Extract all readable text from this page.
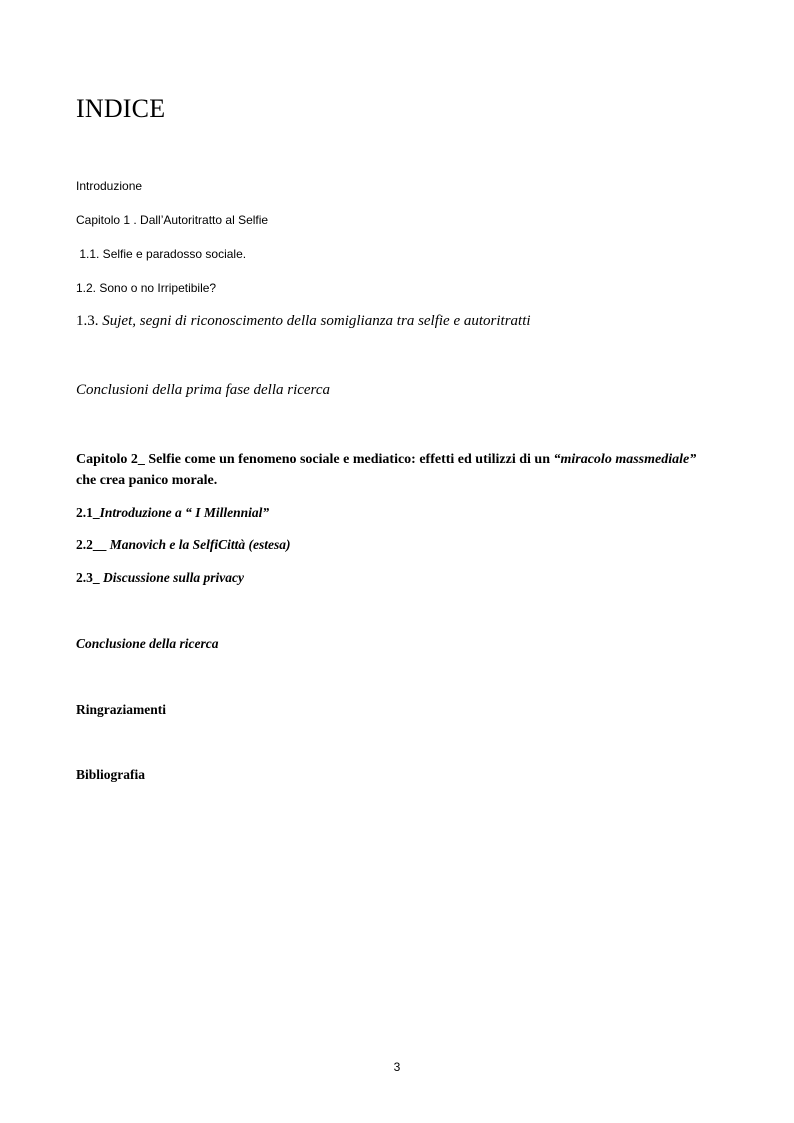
INDICE
Introduzione
Capitolo 1 . Dall’Autoritratto al Selfie
1.1. Selfie e paradosso sociale.
1.2. Sono o no Irripetibile?
1.3. Sujet, segni di riconoscimento della somiglianza tra selfie e autoritratti
Conclusioni della prima fase della ricerca
Capitolo 2_ Selfie come un fenomeno sociale e mediatico: effetti ed utilizzi di un “miracolo massmediale” che crea panico morale.
2.1_Introduzione a “ I Millennial”
2.2__ Manovich e la SelfiCittà (estesa)
2.3_ Discussione sulla privacy
Conclusione della ricerca
Ringraziamenti
Bibliografia
3
